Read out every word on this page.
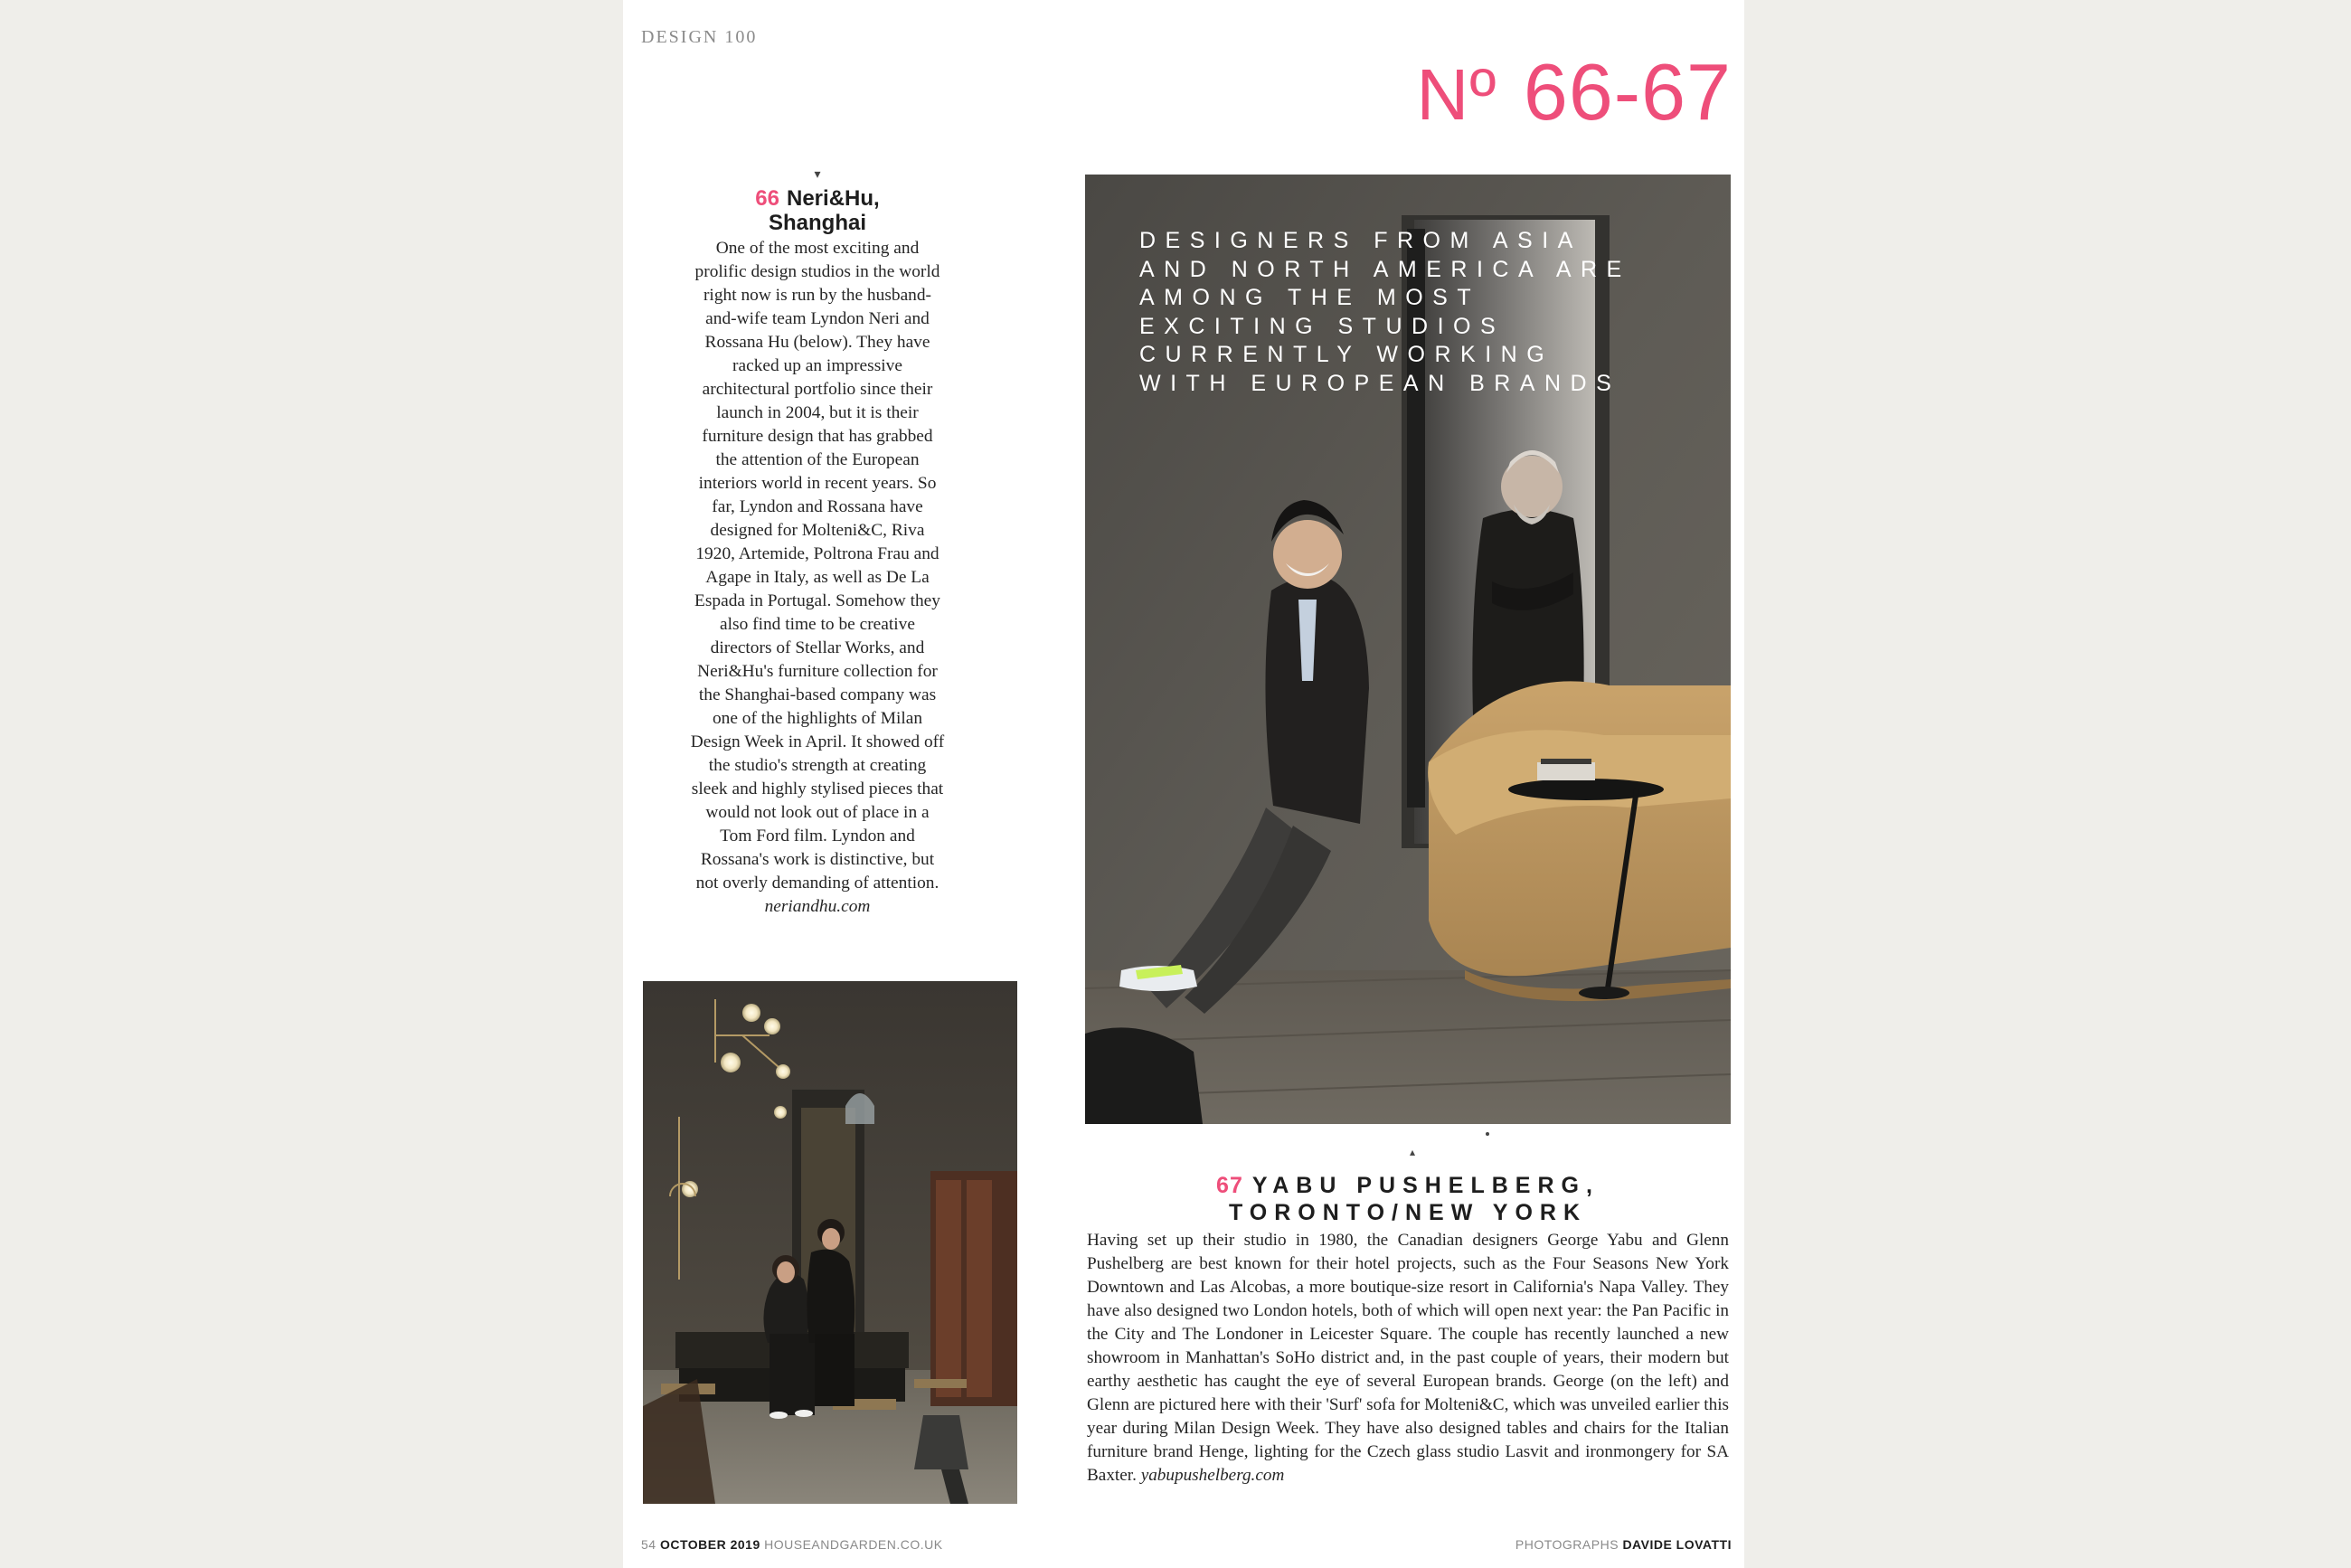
DESIGN 100
Nº 66-67
▾
66 Neri&Hu,
Shanghai
One of the most exciting and prolific design studios in the world right now is run by the husband-and-wife team Lyndon Neri and Rossana Hu (below). They have racked up an impressive architectural portfolio since their launch in 2004, but it is their furniture design that has grabbed the attention of the European interiors world in recent years. So far, Lyndon and Rossana have designed for Molteni&C, Riva 1920, Artemide, Poltrona Frau and Agape in Italy, as well as De La Espada in Portugal. Somehow they also find time to be creative directors of Stellar Works, and Neri&Hu's furniture collection for the Shanghai-based company was one of the highlights of Milan Design Week in April. It showed off the studio's strength at creating sleek and highly stylised pieces that would not look out of place in a Tom Ford film. Lyndon and Rossana's work is distinctive, but not overly demanding of attention. neriandhu.com
DESIGNERS FROM ASIA AND NORTH AMERICA ARE AMONG THE MOST EXCITING STUDIOS CURRENTLY WORKING WITH EUROPEAN BRANDS
▴
67 YABU PUSHELBERG,
TORONTO/NEW YORK
Having set up their studio in 1980, the Canadian designers George Yabu and Glenn Pushelberg are best known for their hotel projects, such as the Four Seasons New York Downtown and Las Alcobas, a more boutique-size resort in California's Napa Valley. They have also designed two London hotels, both of which will open next year: the Pan Pacific in the City and The Londoner in Leicester Square. The couple has recently launched a new showroom in Manhattan's SoHo district and, in the past couple of years, their modern but earthy aesthetic has caught the eye of several European brands. George (on the left) and Glenn are pictured here with their 'Surf' sofa for Molteni&C, which was unveiled earlier this year during Milan Design Week. They have also designed tables and chairs for the Italian furniture brand Henge, lighting for the Czech glass studio Lasvit and ironmongery for SA Baxter. yabupushelberg.com
54 OCTOBER 2019 HOUSEANDGARDEN.CO.UK	PHOTOGRAPHS DAVIDE LOVATTI
